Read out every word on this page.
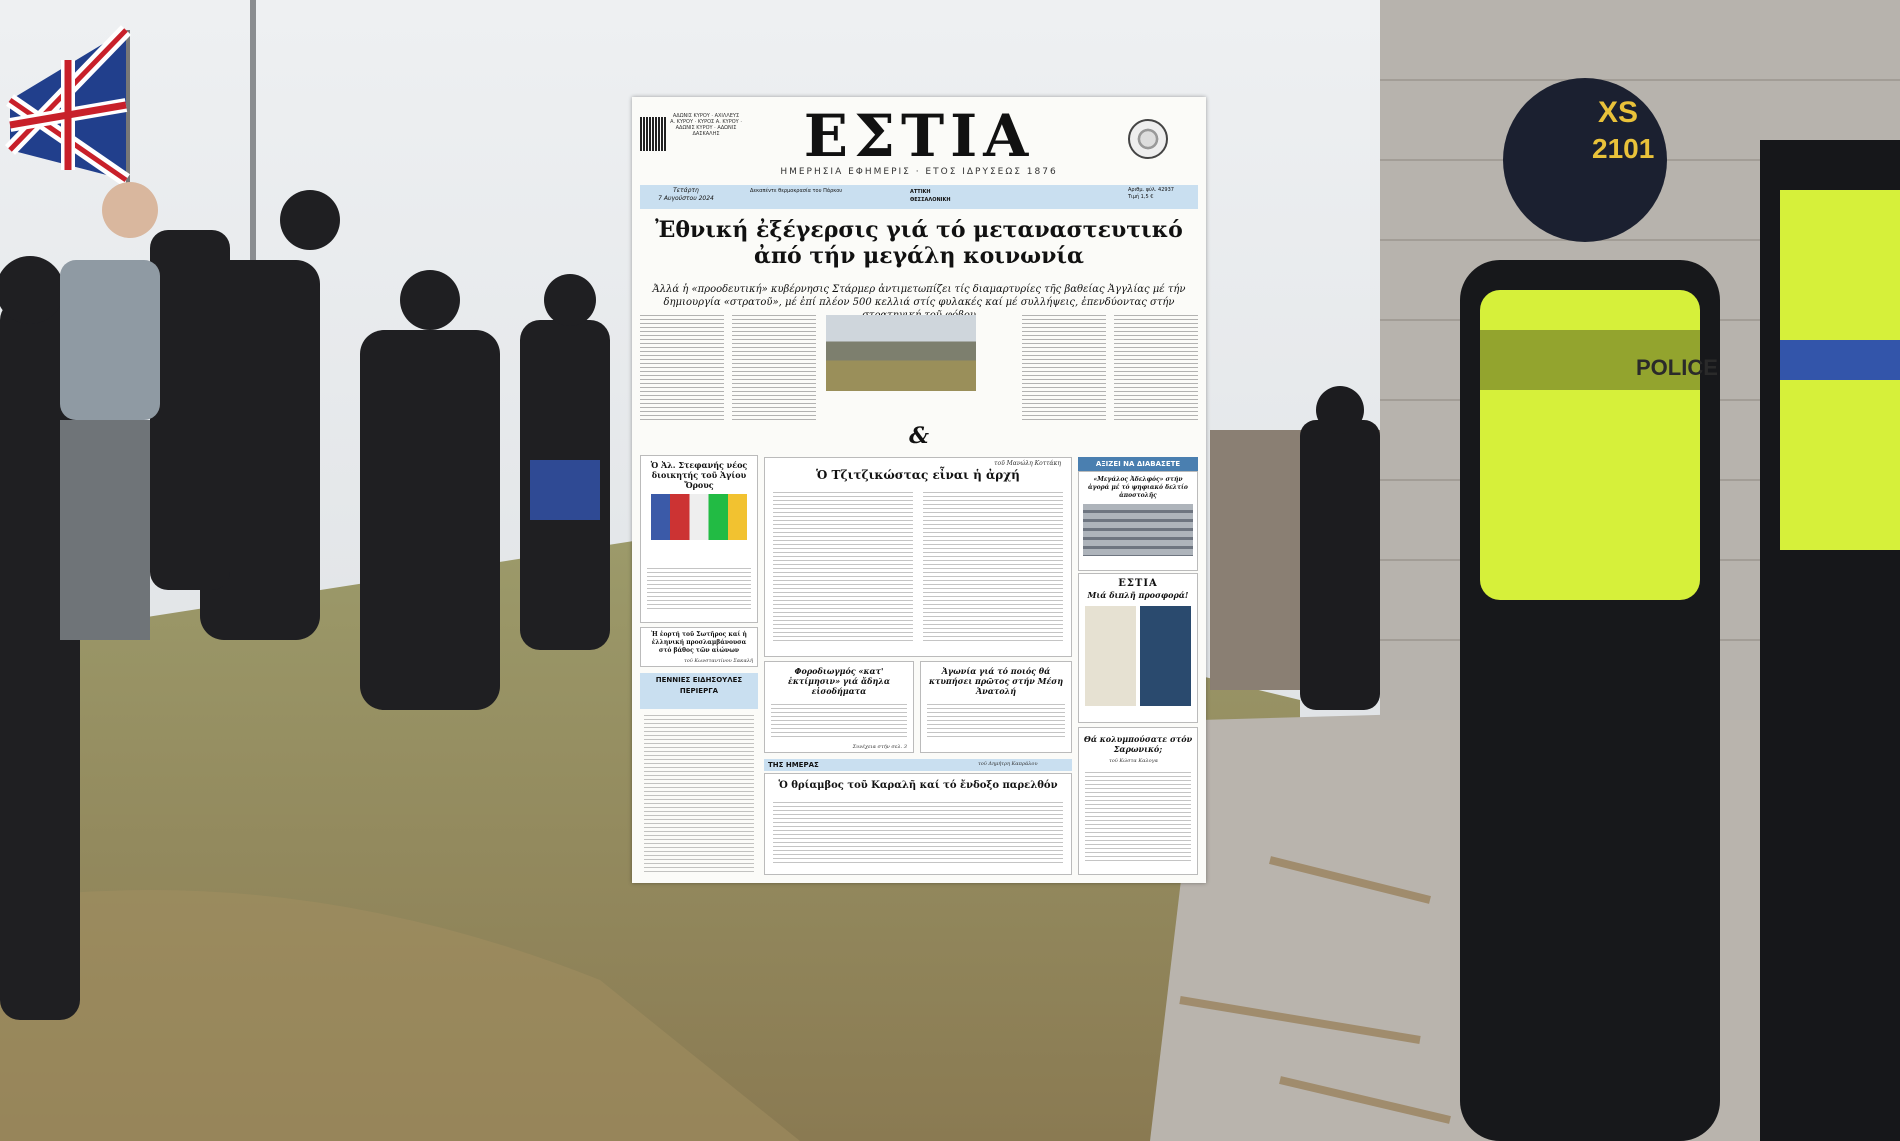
XS
2101
POLICE
ΑΔΩΝΙΣ ΚΥΡΟΥ · ΑΧΙΛΛΕΥΣ Α. ΚΥΡΟΥ · ΚΥΡΟΣ Α. ΚΥΡΟΥ · ΑΔΩΝΙΣ ΚΥΡΟΥ · ΑΔΩΝΙΣ ΔΑΣΚΑΛΗΣ	ΕΣΤΙΑ
ΗΜΕΡΗΣΙΑ ΕΦΗΜΕΡΙΣ · ΕΤΟΣ ΙΔΡΥΣΕΩΣ 1876
Τετάρτη
7 Αυγούστου 2024
Δεκαπέντε θερμοκρασία του Πάρκου	ΑΤΤΙΚΗ
ΘΕΣΣΑΛΟΝΙΚΗ
Αριθμ. φύλ. 42937
Τιμή 1,5 €
Ἐθνική ἐξέγερσις γιά τό μεταναστευτικό
ἀπό τήν μεγάλη κοινωνία
Ἀλλά ἡ «προοδευτική» κυβέρνησις Στάρμερ ἀντιμετωπίζει τίς διαμαρτυρίες τῆς βαθείας Ἀγγλίας μέ τήν δημιουργία «στρατοῦ», μέ ἐπί πλέον 500 κελλιά στίς φυλακές καί μέ συλλήψεις, ἐπενδύοντας στήν
&
Ὁ Ἀλ. Στεφανής νέος διοικητής τοῦ Ἁγίου Ὄρους
Ἡ ἑορτή τοῦ Σωτῆρος καί ἡ ἑλληνική προσλαμβάνουσα στό βάθος τῶν αἰώνων
τοῦ Κωνσταντίνου Σακαλῆ
ΠΕΝΝΙΕΣ ΕΙΔΗΣΟΥΛΕΣ ΠΕΡΙΕΡΓΑ
τοῦ Μανώλη Κοττάκη
Ὁ Τζιτζικώστας εἶναι ἡ ἀρχή
ΑΞΙΖΕΙ ΝΑ ΔΙΑΒΑΣΕΤΕ
«Μεγάλος Ἀδελφός» στήν ἀγορά μέ τό ψηφιακό δελτίο ἀποστολῆς
ΕΣΤΙΑ
Μιά διπλῆ προσφορά!
Φοροδιωγμός «κατ' ἐκτίμησιν» γιά ἄδηλα εἰσοδήματα
Συνέχεια στήν σελ. 3
Ἀγωνία γιά τό ποιός θά κτυπήσει πρῶτος στήν Μέση Ἀνατολή
Θά κολυμπούσατε στόν Σαρωνικό;
τοῦ Κώστα Καλογα
ΤΗΣ ΗΜΕΡΑΣ	τοῦ Δημήτρη Καπράλου
Ὁ θρίαμβος τοῦ Καραλῆ καί τό ἔνδοξο παρελθόν
